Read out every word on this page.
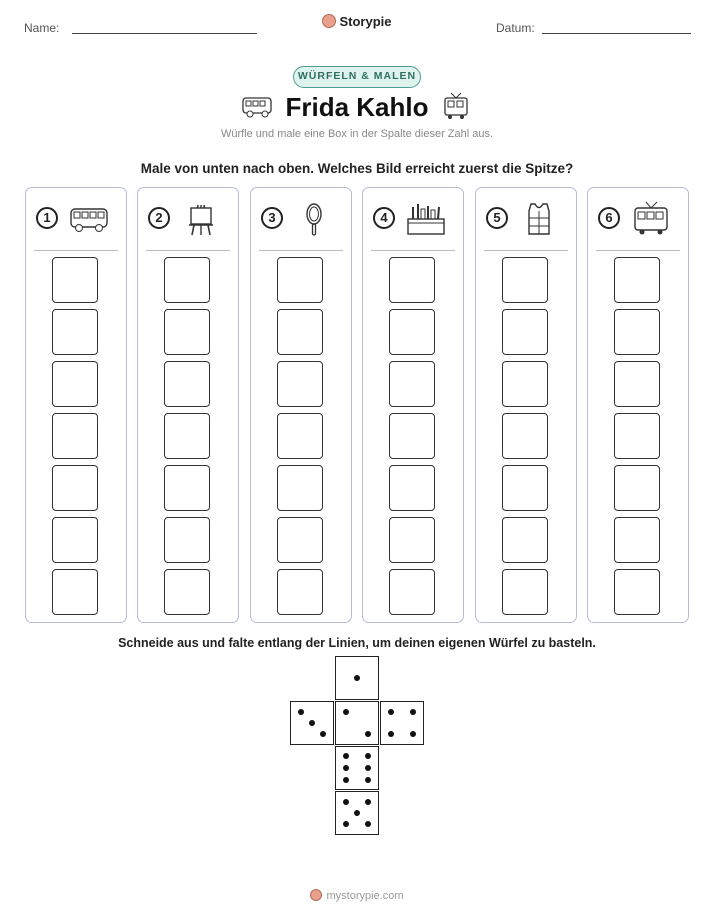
Name:	Storypie	Datum:
WÜRFELN & MALEN
Frida Kahlo
Würfle und male eine Box in der Spalte dieser Zahl aus.
Male von unten nach oben. Welches Bild erreicht zuerst die Spitze?
1	2	3	4	5	6
Schneide aus und falte entlang der Linien, um deinen eigenen Würfel zu basteln.
mystorypie.com
